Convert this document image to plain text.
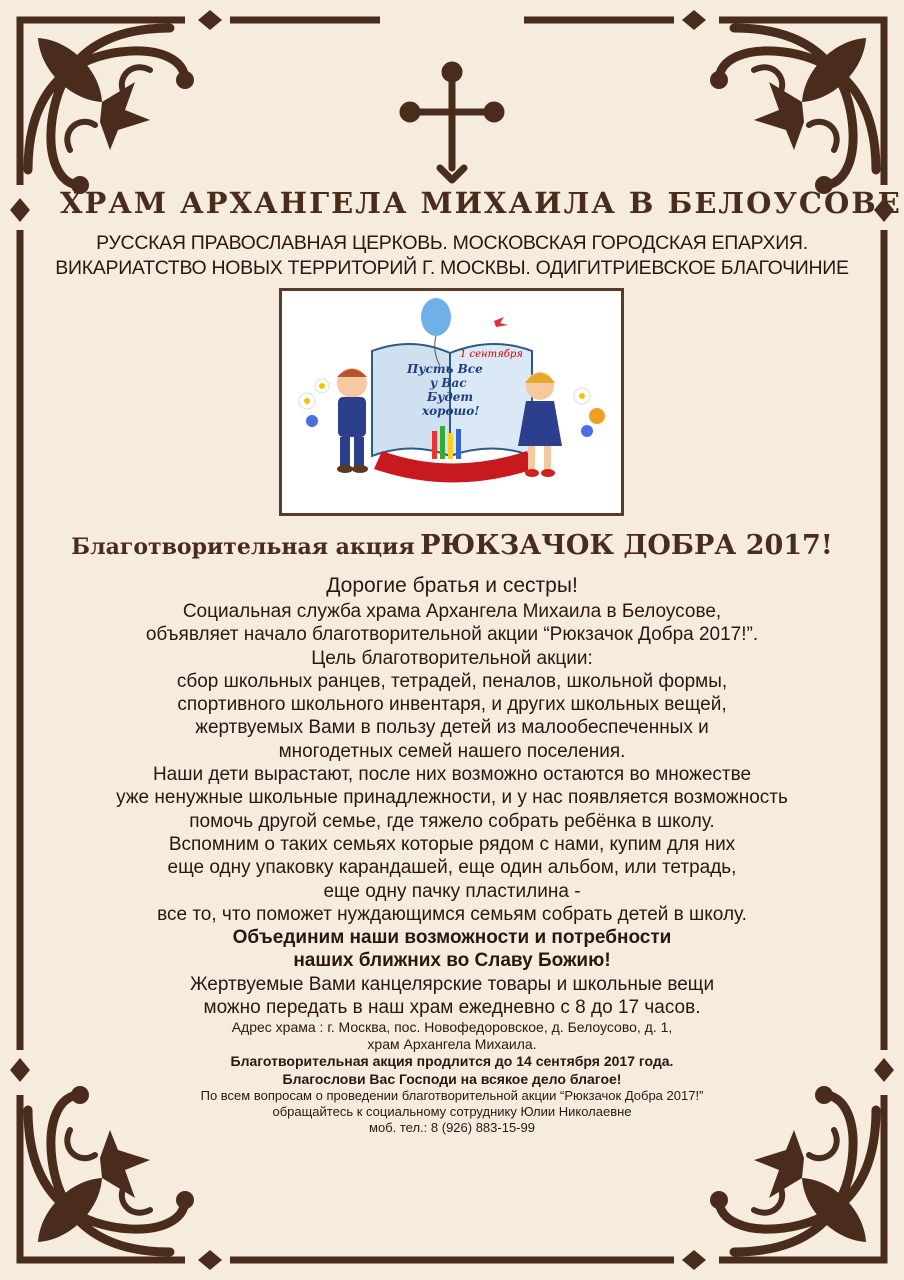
ХРАМ АРХАНГЕЛА МИХАИЛА В БЕЛОУСОВЕ
РУССКАЯ ПРАВОСЛАВНАЯ ЦЕРКОВЬ. МОСКОВСКАЯ ГОРОДСКАЯ ЕПАРХИЯ.
ВИКАРИАТСТВО НОВЫХ ТЕРРИТОРИЙ Г. МОСКВЫ. ОДИГИТРИЕВСКОЕ БЛАГОЧИНИЕ
1 сентября
Пусть Все
у Вас
Будет
хорошо!
Благотворительная акция РЮКЗАЧОК ДОБРА 2017!
Дорогие братья и сестры!
Социальная служба храма Архангела Михаила в Белоусове,
объявляет начало благотворительной акции “Рюкзачок Добра 2017!”.
Цель благотворительной акции:
сбор школьных ранцев, тетрадей, пеналов, школьной формы,
спортивного школьного инвентаря, и других школьных вещей,
жертвуемых Вами в пользу детей из малообеспеченных и
многодетных семей нашего поселения.
Наши дети вырастают, после них возможно остаются во множестве
уже ненужные школьные принадлежности, и у нас появляется возможность
помочь другой семье, где тяжело собрать ребёнка в школу.
Вспомним о таких семьях которые рядом с нами, купим для них
еще одну упаковку карандашей, еще один альбом, или тетрадь,
еще одну пачку пластилина -
все то, что поможет нуждающимся семьям собрать детей в школу.
Объединим наши возможности и потребности
наших ближних во Славу Божию!
Жертвуемые Вами канцелярские товары и школьные вещи
можно передать в наш храм ежедневно с 8 до 17 часов.
Адрес храма : г. Москва, пос. Новофедоровское, д. Белоусово, д. 1,
храм Архангела Михаила.
Благотворительная акция продлится до 14 сентября 2017 года.
Благослови Вас Господи на всякое дело благое!
По всем вопросам о проведении благотворительной акции “Рюкзачок Добра 2017!”
обращайтесь к социальному сотруднику Юлии Николаевне
моб. тел.: 8 (926) 883-15-99
